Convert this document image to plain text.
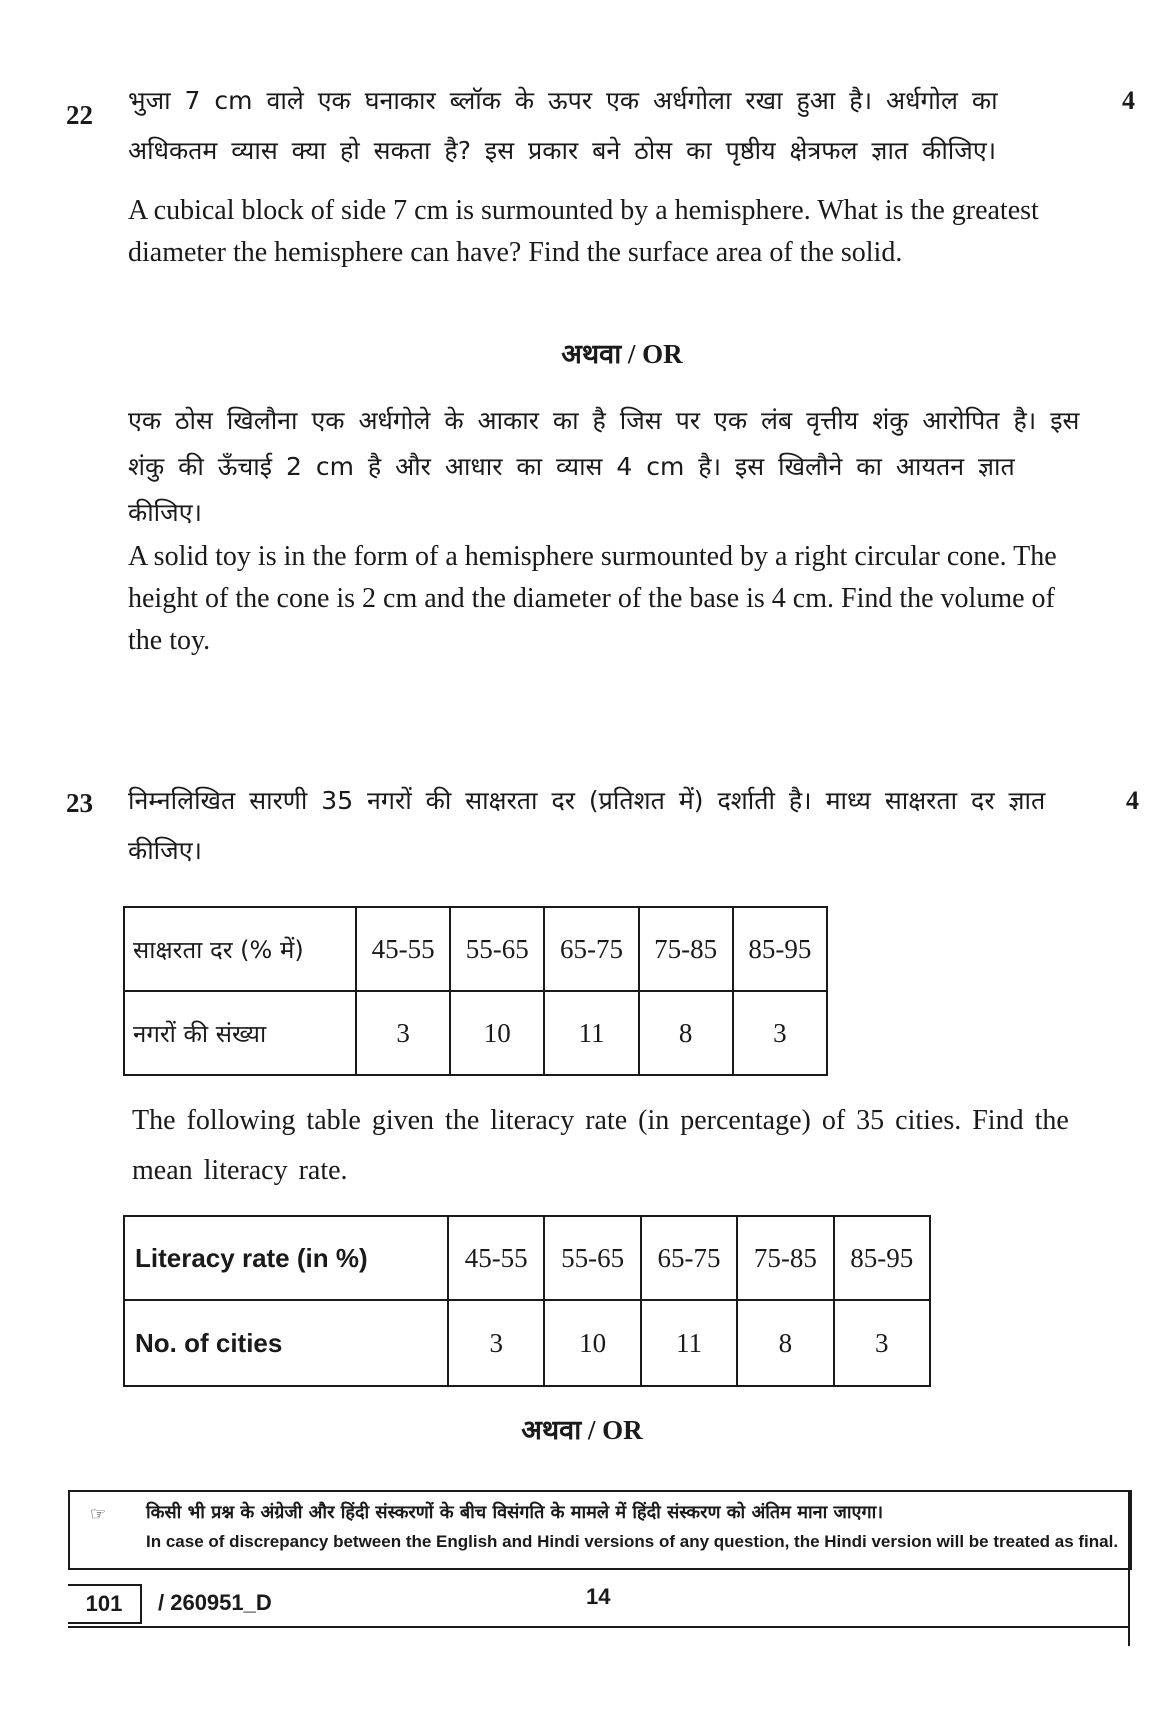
22	4
भुजा 7 cm वाले एक घनाकार ब्लॉक के ऊपर एक अर्धगोला रखा हुआ है। अर्धगोल का अधिकतम व्यास क्या हो सकता है? इस प्रकार बने ठोस का पृष्ठीय क्षेत्रफल ज्ञात कीजिए।
A cubical block of side 7 cm is surmounted by a hemisphere. What is the greatest diameter the hemisphere can have? Find the surface area of the solid.
अथवा / OR
एक ठोस खिलौना एक अर्धगोले के आकार का है जिस पर एक लंब वृत्तीय शंकु आरोपित है। इस शंकु की ऊँचाई 2 cm है और आधार का व्यास 4 cm है। इस खिलौने का आयतन ज्ञात कीजिए।
A solid toy is in the form of a hemisphere surmounted by a right circular cone. The height of the cone is 2 cm and the diameter of the base is 4 cm. Find the volume of the toy.
23	4
निम्नलिखित सारणी 35 नगरों की साक्षरता दर (प्रतिशत में) दर्शाती है। माध्य साक्षरता दर ज्ञात कीजिए।
साक्षरता दर (% में)	45-55	55-65	65-75	75-85	85-95
नगरों की संख्या	3	10	11	8	3
The following table given the literacy rate (in percentage) of 35 cities. Find the mean literacy rate.
Literacy rate (in %)	45-55	55-65	65-75	75-85	85-95
No. of cities	3	10	11	8	3
अथवा / OR
☞ किसी भी प्रश्न के अंग्रेजी और हिंदी संस्करणों के बीच विसंगति के मामले में हिंदी संस्करण को अंतिम माना जाएगा।
In case of discrepancy between the English and Hindi versions of any question, the Hindi version will be treated as final.
101	/ 260951_D	14
